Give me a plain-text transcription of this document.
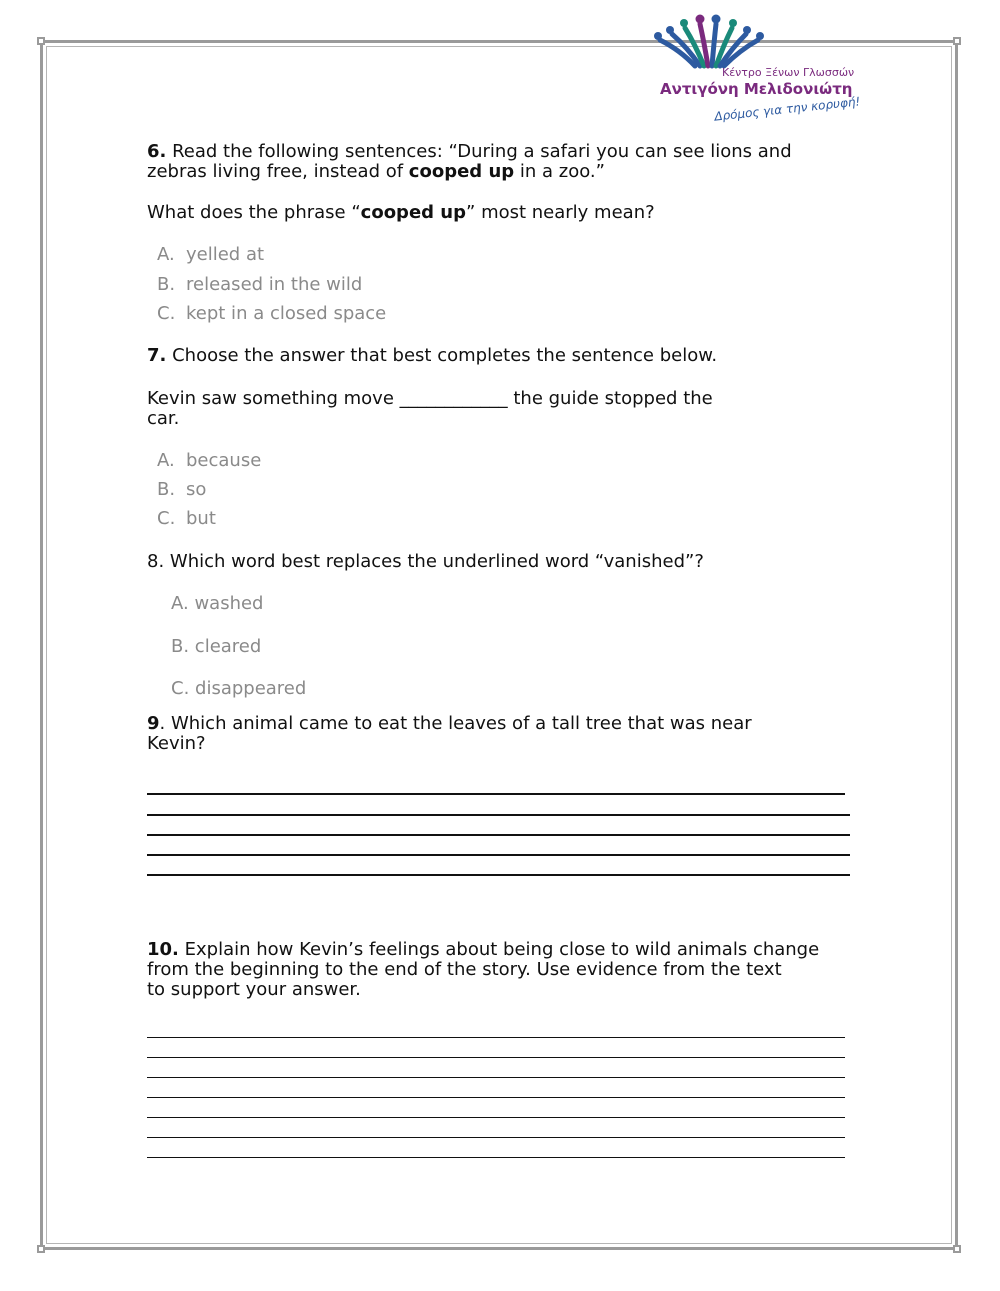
Κέντρο Ξένων Γλωσσών
Αντιγόνη Μελιδονιώτη
Δρόμος για την κορυφή!
6. Read the following sentences: “During a safari you can see lions and
zebras living free, instead of cooped up in a zoo.”
What does the phrase “cooped up” most nearly mean?
A. yelled at
B. released in the wild
C. kept in a closed space
7. Choose the answer that best completes the sentence below.
Kevin saw something move ____________ the guide stopped the
car.
A. because
B. so
C. but
8. Which word best replaces the underlined word “vanished”?
A. washed
B. cleared
C. disappeared
9. Which animal came to eat the leaves of a tall tree that was near
Kevin?
10. Explain how Kevin’s feelings about being close to wild animals change
from the beginning to the end of the story. Use evidence from the text
to support your answer.
